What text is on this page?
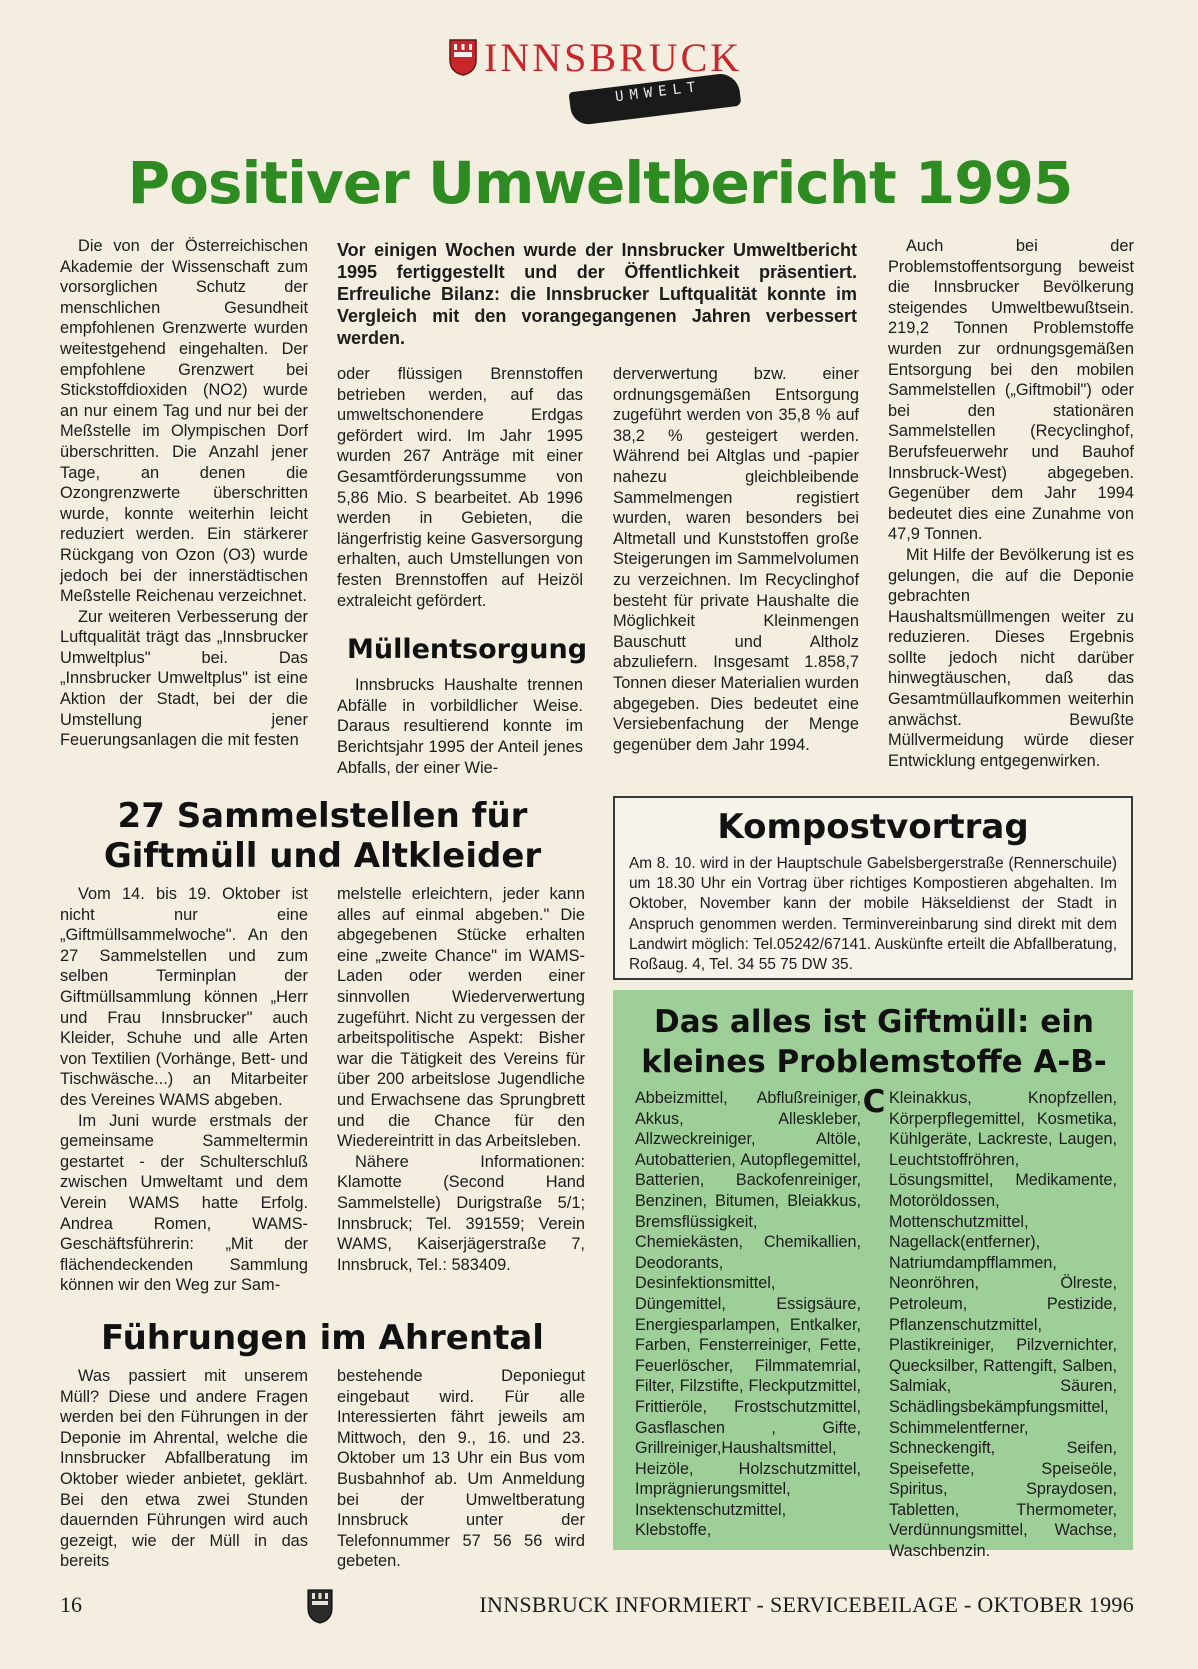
INNSBRUCK
UMWELT
Positiver Umweltbericht 1995

Die von der Österreichischen Akademie der Wissenschaft zum vorsorglichen Schutz der menschlichen Gesundheit empfohlenen Grenzwerte wurden weitestgehend eingehalten. Der empfohlene Grenzwert bei Stickstoffdioxiden (NO2) wurde an nur einem Tag und nur bei der Meßstelle im Olympischen Dorf überschritten. Die Anzahl jener Tage, an denen die Ozongrenzwerte überschritten wurde, konnte weiterhin leicht reduziert werden. Ein stärkerer Rückgang von Ozon (O3) wurde jedoch bei der innerstädtischen Meßstelle Reichenau verzeichnet.

Zur weiteren Verbesserung der Luftqualität trägt das „Innsbrucker Umweltplus" bei. Das „Innsbrucker Umweltplus" ist eine Aktion der Stadt, bei der die Umstellung jener Feuerungsanlagen die mit festen

Vor einigen Wochen wurde der Innsbrucker Umweltbericht 1995 fertiggestellt und der Öffentlichkeit präsentiert. Erfreuliche Bilanz: die Innsbrucker Luftqualität konnte im Vergleich mit den vorangegangenen Jahren verbessert werden.

oder flüssigen Brennstoffen betrieben werden, auf das umweltschonendere Erdgas gefördert wird. Im Jahr 1995 wurden 267 Anträge mit einer Gesamtförderungssumme von 5,86 Mio. S bearbeitet. Ab 1996 werden in Gebieten, die längerfristig keine Gasversorgung erhalten, auch Umstellungen von festen Brennstoffen auf Heizöl extraleicht gefördert.

Müllentsorgung

Innsbrucks Haushalte trennen Abfälle in vorbildlicher Weise. Daraus resultierend konnte im Berichtsjahr 1995 der Anteil jenes Abfalls, der einer Wie-

derverwertung bzw. einer ordnungsgemäßen Entsorgung zugeführt werden von 35,8 % auf 38,2 % gesteigert werden. Während bei Altglas und -papier nahezu gleichbleibende Sammelmengen registiert wurden, waren besonders bei Altmetall und Kunststoffen große Steigerungen im Sammelvolumen zu verzeichnen. Im Recyclinghof besteht für private Haushalte die Möglichkeit Kleinmengen Bauschutt und Altholz abzuliefern. Insgesamt 1.858,7 Tonnen dieser Materialien wurden abgegeben. Dies bedeutet eine Versiebenfachung der Menge gegenüber dem Jahr 1994.

Auch bei der Problemstoffentsorgung beweist die Innsbrucker Bevölkerung steigendes Umweltbewußtsein. 219,2 Tonnen Problemstoffe wurden zur ordnungsgemäßen Entsorgung bei den mobilen Sammelstellen („Giftmobil") oder bei den stationären Sammelstellen (Recyclinghof, Berufsfeuerwehr und Bauhof Innsbruck-West) abgegeben. Gegenüber dem Jahr 1994 bedeutet dies eine Zunahme von 47,9 Tonnen.

Mit Hilfe der Bevölkerung ist es gelungen, die auf die Deponie gebrachten Haushaltsmüllmengen weiter zu reduzieren. Dieses Ergebnis sollte jedoch nicht darüber hinwegtäuschen, daß das Gesamtmüllaufkommen weiterhin anwächst. Bewußte Müllvermeidung würde dieser Entwicklung entgegenwirken.

27 Sammelstellen für
Giftmüll und Altkleider

Vom 14. bis 19. Oktober ist nicht nur eine „Giftmüllsammelwoche". An den 27 Sammelstellen und zum selben Terminplan der Giftmüllsammlung können „Herr und Frau Innsbrucker" auch Kleider, Schuhe und alle Arten von Textilien (Vorhänge, Bett- und Tischwäsche...) an Mitarbeiter des Vereines WAMS abgeben.

Im Juni wurde erstmals der gemeinsame Sammeltermin gestartet - der Schulterschluß zwischen Umweltamt und dem Verein WAMS hatte Erfolg. Andrea Romen, WAMS-Geschäftsführerin: „Mit der flächendeckenden Sammlung können wir den Weg zur Sam-

melstelle erleichtern, jeder kann alles auf einmal abgeben." Die abgegebenen Stücke erhalten eine „zweite Chance" im WAMS-Laden oder werden einer sinnvollen Wiederverwertung zugeführt. Nicht zu vergessen der arbeitspolitische Aspekt: Bisher war die Tätigkeit des Vereins für über 200 arbeitslose Jugendliche und Erwachsene das Sprungbrett und die Chance für den Wiedereintritt in das Arbeitsleben.

Nähere Informationen: Klamotte (Second Hand Sammelstelle) Durigstraße 5/1; Innsbruck; Tel. 391559; Verein WAMS, Kaiserjägerstraße 7, Innsbruck, Tel.: 583409.

Kompostvortrag
Am 8. 10. wird in der Hauptschule Gabelsbergerstraße (Rennerschuile) um 18.30 Uhr ein Vortrag über richtiges Kompostieren abgehalten. Im Oktober, November kann der mobile Häkseldienst der Stadt in Anspruch genommen werden. Terminvereinbarung sind direkt mit dem Landwirt möglich: Tel.05242/67141. Auskünfte erteilt die Abfallberatung, Roßaug. 4, Tel. 34 55 75 DW 35.
Führungen im Ahrental

Was passiert mit unserem Müll? Diese und andere Fragen werden bei den Führungen in der Deponie im Ahrental, welche die Innsbrucker Abfallberatung im Oktober wieder anbietet, geklärt. Bei den etwa zwei Stunden dauernden Führungen wird auch gezeigt, wie der Müll in das bereits

bestehende Deponiegut eingebaut wird. Für alle Interessierten fährt jeweils am Mittwoch, den 9., 16. und 23. Oktober um 13 Uhr ein Bus vom Busbahnhof ab. Um Anmeldung bei der Umweltberatung Innsbruck unter der Telefonnummer 57 56 56 wird gebeten.

Das alles ist Giftmüll: ein
kleines Problemstoffe A-B-C
Abbeizmittel, Abflußreiniger, Akkus, Alleskleber, Allzweckreiniger, Altöle, Autobatterien, Autopflegemittel, Batterien, Backofenreiniger, Benzinen, Bitumen, Bleiakkus, Bremsflüssigkeit, Chemiekästen, Chemikallien, Deodorants, Desinfektionsmittel, Düngemittel, Essigsäure, Energiesparlampen, Entkalker, Farben, Fensterreiniger, Fette, Feuerlöscher, Filmmatemrial, Filter, Filzstifte, Fleckputzmittel, Frittieröle, Frostschutzmittel, Gasflaschen , Gifte, Grillreiniger,Haushaltsmittel, Heizöle, Holzschutzmittel, Imprägnierungsmittel, Insektenschutzmittel, Klebstoffe,
Kleinakkus, Knopfzellen, Körperpflegemittel, Kosmetika, Kühlgeräte, Lackreste, Laugen, Leuchtstoffröhren, Lösungsmittel, Medikamente, Motoröldossen, Mottenschutzmittel, Nagellack(entferner), Natriumdampfflammen, Neonröhren, Ölreste, Petroleum, Pestizide, Pflanzenschutzmittel, Plastikreiniger, Pilzvernichter, Quecksilber, Rattengift, Salben, Salmiak, Säuren, Schädlingsbekämpfungsmittel, Schimmelentferner, Schneckengift, Seifen, Speisefette, Speiseöle, Spiritus, Spraydosen, Tabletten, Thermometer, Verdünnungsmittel, Wachse, Waschbenzin.
16	INNSBRUCK INFORMIERT - SERVICEBEILAGE - OKTOBER 1996
